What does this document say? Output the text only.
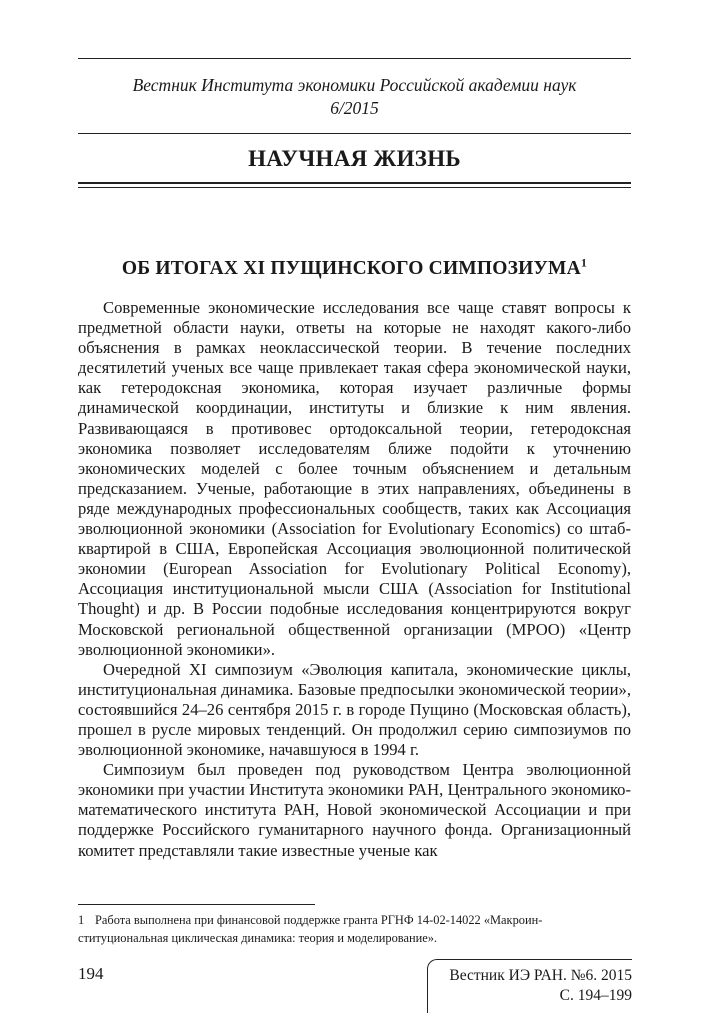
Вестник Института экономики Российской академии наук
6/2015
НАУЧНАЯ ЖИЗНЬ
ОБ ИТОГАХ XI ПУЩИНСКОГО СИМПОЗИУМА$^1$

Современные экономические исследования все чаще ставят вопросы к предметной области науки, ответы на которые не находят какого-либо объяснения в рамках неоклассической теории. В течение последних десятилетий ученых все чаще привлекает такая сфера экономической науки, как гетеродоксная экономика, которая изучает различные формы динамической координации, институты и близкие к ним явления. Развивающаяся в противовес ортодоксальной теории, гетеродоксная экономика позволяет исследователям ближе подойти к уточнению экономических моделей с более точным объяснением и детальным предсказанием. Ученые, работающие в этих направлениях, объединены в ряде международных профессиональных сообществ, таких как Ассоциация эволюционной экономики (Association for Evolutionary Economics) со штаб-квартирой в США, Европейская Ассоциация эволюционной политической экономии (European Association for Evolutionary Political Economy), Ассоциация институциональной мысли США (Association for Institutional Thought) и др. В России подобные исследования концентрируются вокруг Московской региональной общественной организации (МРОО) «Центр эволюционной экономики».

Очередной XI симпозиум «Эволюция капитала, экономические циклы, институциональная динамика. Базовые предпосылки экономической теории», состоявшийся 24–26 сентября 2015 г. в городе Пущино (Московская область), прошел в русле мировых тенденций. Он продолжил серию симпозиумов по эволюционной экономике, начавшуюся в 1994 г.

Симпозиум был проведен под руководством Центра эволюционной экономики при участии Института экономики РАН, Центрального экономико-математического института РАН, Новой экономической Ассоциации и при поддержке Российского гуманитарного научного фонда. Организационный комитет представляли такие известные ученые как

1 Работа выполнена при финансовой поддержке гранта РГНФ 14-02-14022 «Макроин-
ституциональная циклическая динамика: теория и моделирование».
194	Вестник ИЭ РАН. №6. 2015
С. 194–199
